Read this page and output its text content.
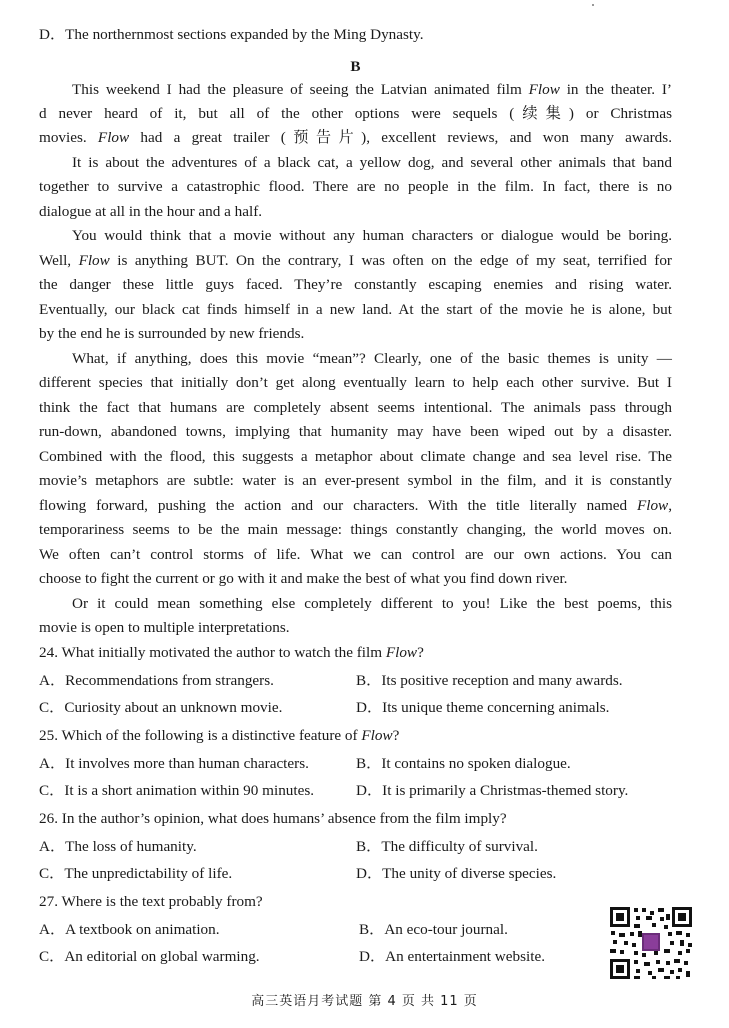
D．The northernmost sections expanded by the Ming Dynasty.
B
This weekend I had the pleasure of seeing the Latvian animated film Flow in the theater. I’
d never heard of it, but all of the other options were sequels (续集) or Christmas
movies. Flow had a great trailer (预告片), excellent reviews, and won many awards.
It is about the adventures of a black cat, a yellow dog, and several other animals that band
together to survive a catastrophic flood. There are no people in the film. In fact, there is no
dialogue at all in the hour and a half.
You would think that a movie without any human characters or dialogue would be boring.
Well, Flow is anything BUT. On the contrary, I was often on the edge of my seat, terrified for
the danger these little guys faced. They’re constantly escaping enemies and rising water.
Eventually, our black cat finds himself in a new land. At the start of the movie he is alone, but
by the end he is surrounded by new friends.
What, if anything, does this movie “mean”? Clearly, one of the basic themes is unity —
different species that initially don’t get along eventually learn to help each other survive. But I
think the fact that humans are completely absent seems intentional. The animals pass through
run-down, abandoned towns, implying that humanity may have been wiped out by a disaster.
Combined with the flood, this suggests a metaphor about climate change and sea level rise. The
movie’s metaphors are subtle: water is an ever-present symbol in the film, and it is constantly
flowing forward, pushing the action and our characters. With the title literally named Flow,
temporariness seems to be the main message: things constantly changing, the world moves on.
We often can’t control storms of life. What we can control are our own actions. You can
choose to fight the current or go with it and make the best of what you find down river.
Or it could mean something else completely different to you! Like the best poems, this
movie is open to multiple interpretations.
24. What initially motivated the author to watch the film Flow?
A．Recommendations from strangers.	B．Its positive reception and many awards.
C．Curiosity about an unknown movie.	D．Its unique theme concerning animals.
25. Which of the following is a distinctive feature of Flow?
A．It involves more than human characters.	B．It contains no spoken dialogue.
C．It is a short animation within 90 minutes.	D．It is primarily a Christmas-themed story.
26. In the author’s opinion, what does humans’ absence from the film imply?
A．The loss of humanity.	B．The difficulty of survival.
C．The unpredictability of life.	D．The unity of diverse species.
27. Where is the text probably from?
A．A textbook on animation.	B．An eco-tour journal.
C．An editorial on global warming.	D．An entertainment website.
高三英语月考试题 第 4 页 共 11 页
